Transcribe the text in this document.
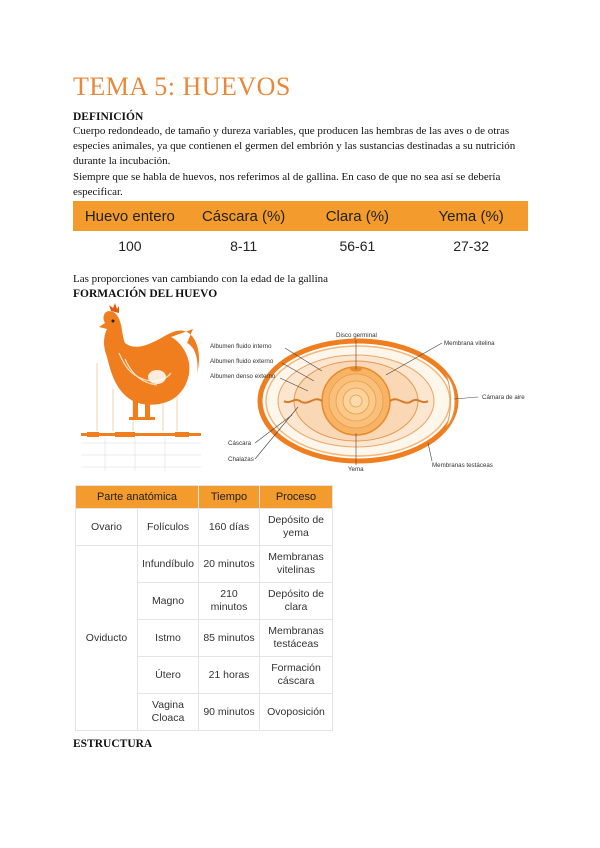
TEMA 5: HUEVOS
DEFINICIÓN
Cuerpo redondeado, de tamaño y dureza variables, que producen las hembras de las aves o de otras
especies animales, ya que contienen el germen del embrión y las sustancias destinadas a su nutrición
durante la incubación.
Siempre que se habla de huevos, nos referimos al de gallina. En caso de que no sea así se debería
especificar.
Huevo entero	Cáscara (%)	Clara (%)	Yema (%)
100	8-11	56-61	27-32
Las proporciones van cambiando con la edad de la gallina
FORMACIÓN DEL HUEVO
Disco germinal
Albumen fluido interno
Albumen fluido externo
Albumen denso externo
Membrana vitelina
Cámara de aire
Cáscara
Chalazas
Yema
Membranas testáceas
Parte anatómica		Tiempo	Proceso
Ovario	Folículos	160 días	Depósito de yema
Oviducto	Infundíbulo	20 minutos	Membranas vitelinas
	Magno	210 minutos	Depósito de clara
	Istmo	85 minutos	Membranas testáceas
	Útero	21 horas	Formación cáscara
	Vagina Cloaca	90 minutos	Ovoposición
ESTRUCTURA
